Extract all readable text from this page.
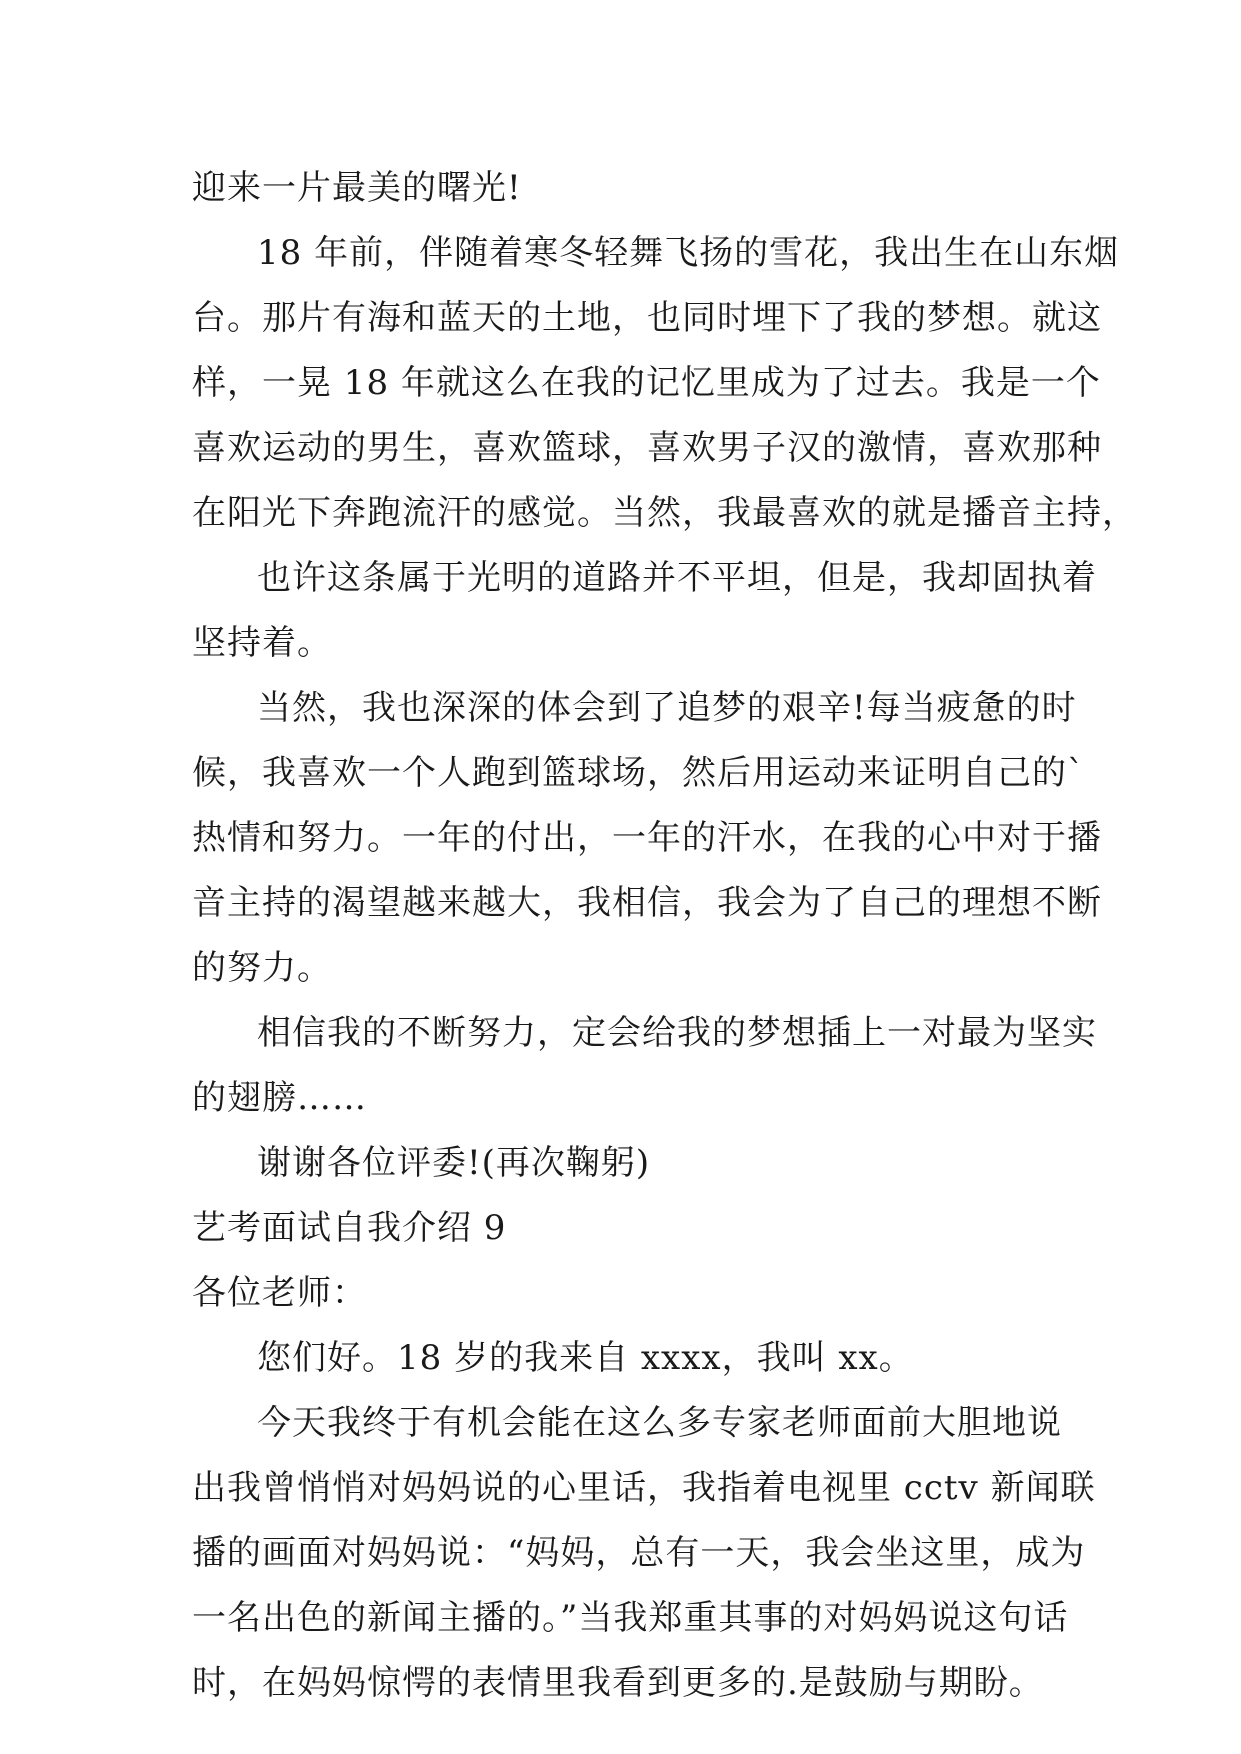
迎来一片最美的曙光!
18 年前，伴随着寒冬轻舞飞扬的雪花，我出生在山东烟
台。那片有海和蓝天的土地，也同时埋下了我的梦想。就这
样，一晃 18 年就这么在我的记忆里成为了过去。我是一个
喜欢运动的男生，喜欢篮球，喜欢男子汉的激情，喜欢那种
在阳光下奔跑流汗的感觉。当然，我最喜欢的就是播音主持，
也许这条属于光明的道路并不平坦，但是，我却固执着
坚持着。
当然，我也深深的体会到了追梦的艰辛!每当疲惫的时
候，我喜欢一个人跑到篮球场，然后用运动来证明自己的`
热情和努力。一年的付出，一年的汗水，在我的心中对于播
音主持的渴望越来越大，我相信，我会为了自己的理想不断
的努力。
相信我的不断努力，定会给我的梦想插上一对最为坚实
的翅膀……
谢谢各位评委!(再次鞠躬)
艺考面试自我介绍 9
各位老师：
您们好。18 岁的我来自 xxxx，我叫 xx。
今天我终于有机会能在这么多专家老师面前大胆地说
出我曾悄悄对妈妈说的心里话，我指着电视里 cctv 新闻联
播的画面对妈妈说：“妈妈，总有一天，我会坐这里，成为
一名出色的新闻主播的。”当我郑重其事的对妈妈说这句话
时，在妈妈惊愕的表情里我看到更多的.是鼓励与期盼。
